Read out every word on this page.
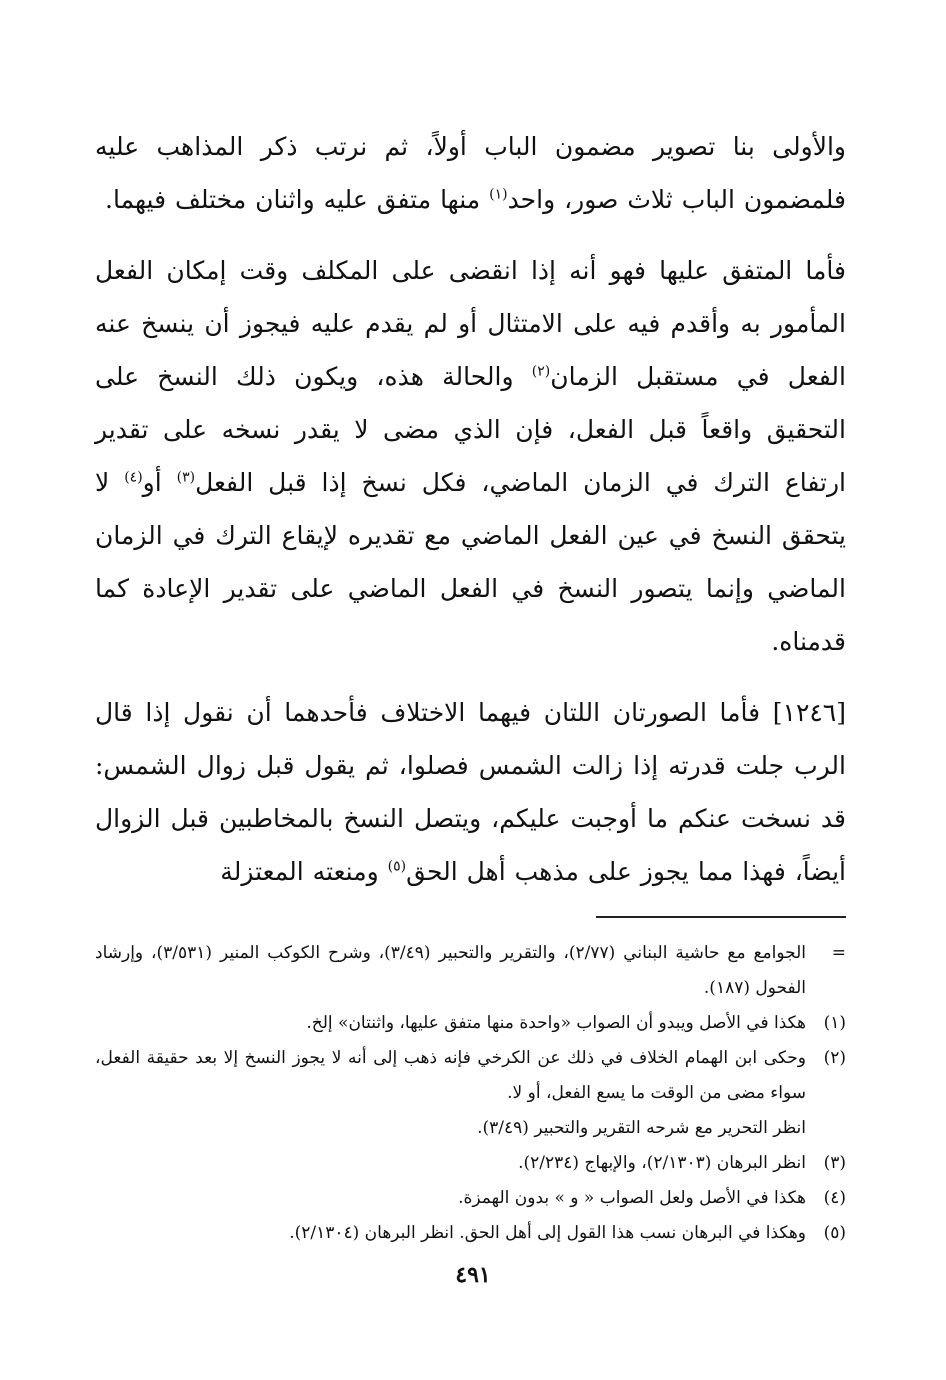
والأولى بنا تصوير مضمون الباب أولاً، ثم نرتب ذكر المذاهب عليه فلمضمون الباب ثلاث صور، واحد$^{(١)}$ منها متفق عليه واثنان مختلف فيهما.

فأما المتفق عليها فهو أنه إذا انقضى على المكلف وقت إمكان الفعل المأمور به وأقدم فيه على الامتثال أو لم يقدم عليه فيجوز أن ينسخ عنه الفعل في مستقبل الزمان$^{(٢)}$ والحالة هذه، ويكون ذلك النسخ على التحقيق واقعاً قبل الفعل، فإن الذي مضى لا يقدر نسخه على تقدير ارتفاع الترك في الزمان الماضي، فكل نسخ إذا قبل الفعل$^{(٣)}$ أو$^{(٤)}$ لا يتحقق النسخ في عين الفعل الماضي مع تقديره لإيقاع الترك في الزمان الماضي وإنما يتصور النسخ في الفعل الماضي على تقدير الإعادة كما قدمناه.

[١٢٤٦] فأما الصورتان اللتان فيهما الاختلاف فأحدهما أن نقول إذا قال الرب جلت قدرته إذا زالت الشمس فصلوا، ثم يقول قبل زوال الشمس: قد نسخت عنكم ما أوجبت عليكم، ويتصل النسخ بالمخاطبين قبل الزوال أيضاً، فهذا مما يجوز على مذهب أهل الحق$^{(٥)}$ ومنعته المعتزلة

=

الجوامع مع حاشية البناني (٢/٧٧)، والتقرير والتحبير (٣/٤٩)، وشرح الكوكب المنير (٣/٥٣١)، وإرشاد الفحول (١٨٧).

(١)

هكذا في الأصل ويبدو أن الصواب «واحدة منها متفق عليها، واثنتان» إلخ.

(٢)

وحكى ابن الهمام الخلاف في ذلك عن الكرخي فإنه ذهب إلى أنه لا يجوز النسخ إلا بعد حقيقة الفعل، سواء مضى من الوقت ما يسع الفعل، أو لا.

انظر التحرير مع شرحه التقرير والتحبير (٣/٤٩).

(٣)

انظر البرهان (٢/١٣٠٣)، والإبهاج (٢/٢٣٤).

(٤)

هكذا في الأصل ولعل الصواب « و » بدون الهمزة.

(٥)

وهكذا في البرهان نسب هذا القول إلى أهل الحق. انظر البرهان (٢/١٣٠٤).

٤٩١
